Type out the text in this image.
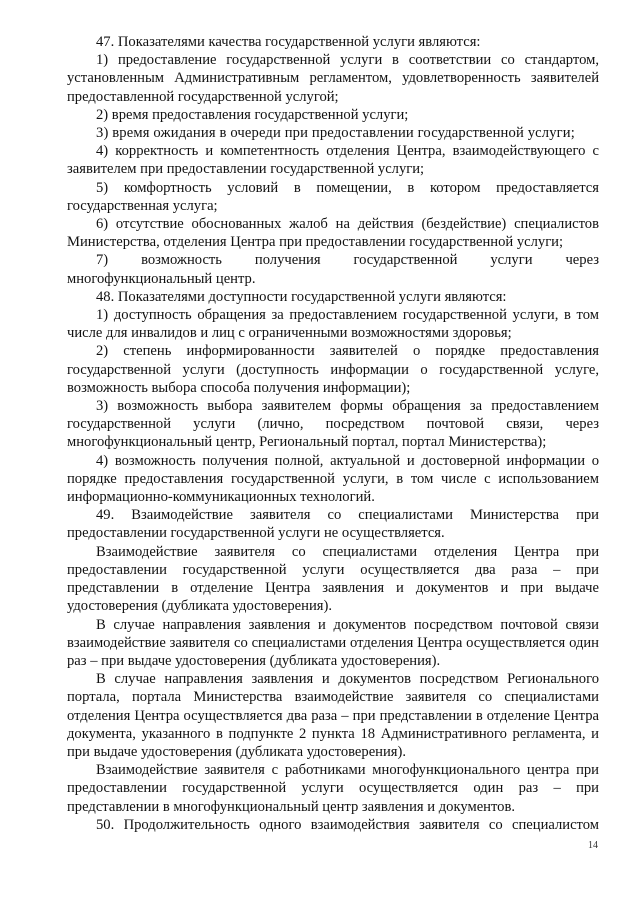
47. Показателями качества государственной услуги являются:

1) предоставление государственной услуги в соответствии со стандартом, установленным Административным регламентом, удовлетворенность заявителей предоставленной государственной услугой;

2) время предоставления государственной услуги;

3) время ожидания в очереди при предоставлении государственной услуги;

4) корректность и компетентность отделения Центра, взаимодействующего с заявителем при предоставлении государственной услуги;

5) комфортность условий в помещении, в котором предоставляется государственная услуга;

6) отсутствие обоснованных жалоб на действия (бездействие) специалистов Министерства, отделения Центра при предоставлении государственной услуги;

7) возможность получения государственной услуги через многофункциональный центр.

48. Показателями доступности государственной услуги являются:

1) доступность обращения за предоставлением государственной услуги, в том числе для инвалидов и лиц с ограниченными возможностями здоровья;

2) степень информированности заявителей о порядке предоставления государственной услуги (доступность информации о государственной услуге, возможность выбора способа получения информации);

3) возможность выбора заявителем формы обращения за предоставлением государственной услуги (лично, посредством почтовой связи, через многофункциональный центр, Региональный портал, портал Министерства);

4) возможность получения полной, актуальной и достоверной информации о порядке предоставления государственной услуги, в том числе с использованием информационно-коммуникационных технологий.

49. Взаимодействие заявителя со специалистами Министерства при предоставлении государственной услуги не осуществляется.

Взаимодействие заявителя со специалистами отделения Центра при предоставлении государственной услуги осуществляется два раза – при представлении в отделение Центра заявления и документов и при выдаче удостоверения (дубликата удостоверения).

В случае направления заявления и документов посредством почтовой связи взаимодействие заявителя со специалистами отделения Центра осуществляется один раз – при выдаче удостоверения (дубликата удостоверения).

В случае направления заявления и документов посредством Регионального портала, портала Министерства взаимодействие заявителя со специалистами отделения Центра осуществляется два раза – при представлении в отделение Центра документа, указанного в подпункте 2 пункта 18 Административного регламента, и при выдаче удостоверения (дубликата удостоверения).

Взаимодействие заявителя с работниками многофункционального центра при предоставлении государственной услуги осуществляется один раз – при представлении в многофункциональный центр заявления и документов.

50. Продолжительность одного взаимодействия заявителя со специалистом

14
